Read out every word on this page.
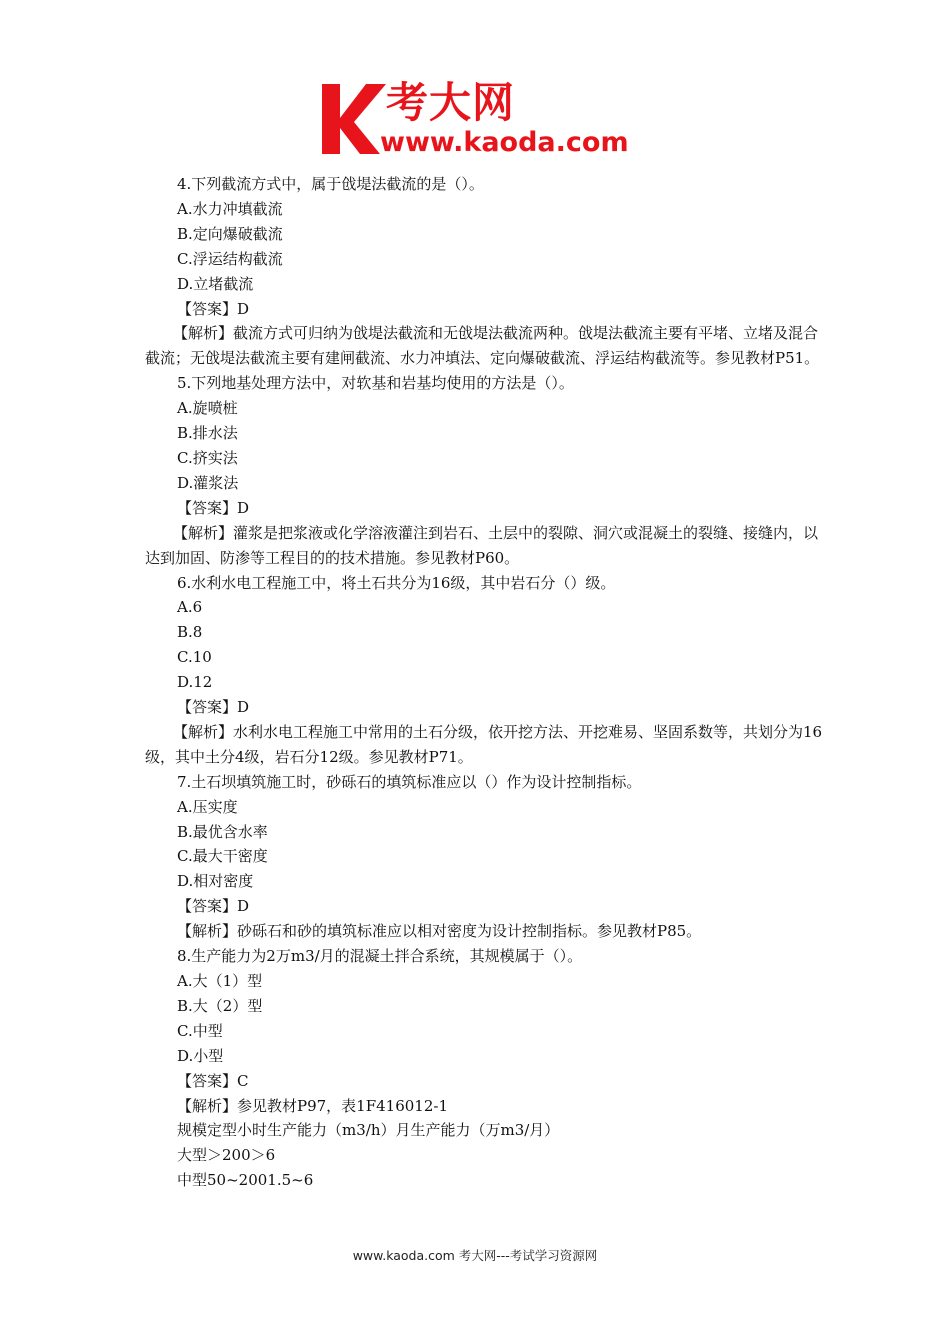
考大网
www.kaoda.com
4.下列截流方式中，属于戗堤法截流的是（）。
A.水力冲填截流
B.定向爆破截流
C.浮运结构截流
D.立堵截流
【答案】D
【解析】截流方式可归纳为戗堤法截流和无戗堤法截流两种。戗堤法截流主要有平堵、立堵及混合截流；无戗堤法截流主要有建闸截流、水力冲填法、定向爆破截流、浮运结构截流等。参见教材P51。
5.下列地基处理方法中，对软基和岩基均使用的方法是（）。
A.旋喷桩
B.排水法
C.挤实法
D.灌浆法
【答案】D
【解析】灌浆是把浆液或化学溶液灌注到岩石、土层中的裂隙、洞穴或混凝土的裂缝、接缝内，以达到加固、防渗等工程目的的技术措施。参见教材P60。
6.水利水电工程施工中，将土石共分为16级，其中岩石分（）级。
A.6
B.8
C.10
D.12
【答案】D
【解析】水利水电工程施工中常用的土石分级，依开挖方法、开挖难易、坚固系数等，共划分为16级，其中土分4级，岩石分12级。参见教材P71。
7.土石坝填筑施工时，砂砾石的填筑标准应以（）作为设计控制指标。
A.压实度
B.最优含水率
C.最大干密度
D.相对密度
【答案】D
【解析】砂砾石和砂的填筑标准应以相对密度为设计控制指标。参见教材P85。
8.生产能力为2万m3/月的混凝土拌合系统，其规模属于（）。
A.大（1）型
B.大（2）型
C.中型
D.小型
【答案】C
【解析】参见教材P97，表1F416012-1
规模定型小时生产能力（m3/h）月生产能力（万m3/月）
大型＞200＞6
中型50~2001.5~6
www.kaoda.com 考大网---考试学习资源网
